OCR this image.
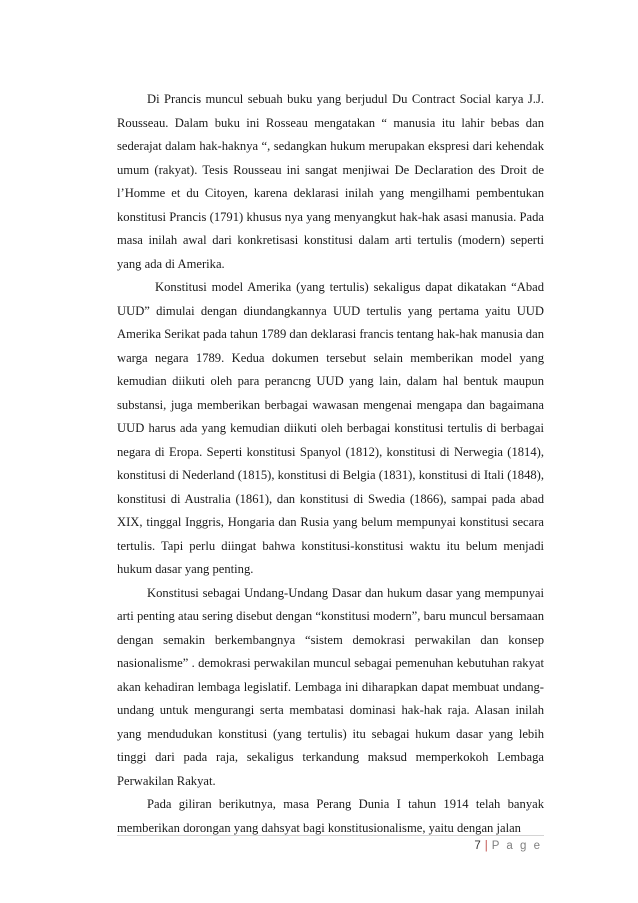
Di Prancis muncul sebuah buku yang berjudul Du Contract Social karya J.J. Rousseau. Dalam buku ini Rosseau mengatakan “ manusia itu lahir bebas dan sederajat dalam hak-haknya “, sedangkan hukum merupakan ekspresi dari kehendak umum (rakyat). Tesis Rousseau ini sangat menjiwai De Declaration des Droit de l’Homme et du Citoyen, karena deklarasi inilah yang mengilhami pembentukan konstitusi Prancis (1791) khusus nya yang menyangkut hak-hak asasi manusia. Pada masa inilah awal dari konkretisasi konstitusi dalam arti tertulis (modern) seperti yang ada di Amerika.

Konstitusi model Amerika (yang tertulis) sekaligus dapat dikatakan “Abad UUD” dimulai dengan diundangkannya UUD tertulis yang pertama yaitu UUD Amerika Serikat pada tahun 1789 dan deklarasi francis tentang hak-hak manusia dan warga negara 1789. Kedua dokumen tersebut selain memberikan model yang kemudian diikuti oleh para perancng UUD yang lain, dalam hal bentuk maupun substansi, juga memberikan berbagai wawasan mengenai mengapa dan bagaimana UUD harus ada yang kemudian diikuti oleh berbagai konstitusi tertulis di berbagai negara di Eropa. Seperti konstitusi Spanyol (1812), konstitusi di Nerwegia (1814), konstitusi di Nederland (1815), konstitusi di Belgia (1831), konstitusi di Itali (1848), konstitusi di Australia (1861), dan konstitusi di Swedia (1866), sampai pada abad XIX, tinggal Inggris, Hongaria dan Rusia yang belum mempunyai konstitusi secara tertulis. Tapi perlu diingat bahwa konstitusi-konstitusi waktu itu belum menjadi hukum dasar yang penting.

Konstitusi sebagai Undang-Undang Dasar dan hukum dasar yang mempunyai arti penting atau sering disebut dengan “konstitusi modern”, baru muncul bersamaan dengan semakin berkembangnya “sistem demokrasi perwakilan dan konsep nasionalisme” . demokrasi perwakilan muncul sebagai pemenuhan kebutuhan rakyat akan kehadiran lembaga legislatif. Lembaga ini diharapkan dapat membuat undang-undang untuk mengurangi serta membatasi dominasi hak-hak raja. Alasan inilah yang mendudukan konstitusi (yang tertulis) itu sebagai hukum dasar yang lebih tinggi dari pada raja, sekaligus terkandung maksud memperkokoh Lembaga Perwakilan Rakyat.

Pada giliran berikutnya, masa Perang Dunia I tahun 1914 telah banyak memberikan dorongan yang dahsyat bagi konstitusionalisme, yaitu dengan jalan

7 | P a g e
